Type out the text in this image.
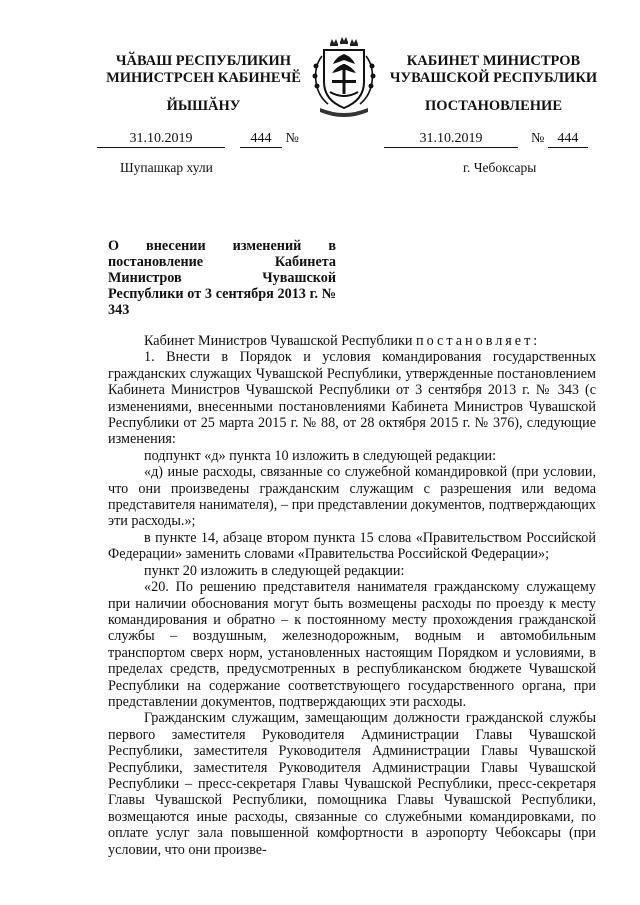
ЧӐВАШ РЕСПУБЛИКИН
МИНИСТРСЕН КАБИНЕЧӖ
ЙЫШӐНУ
КАБИНЕТ МИНИСТРОВ
ЧУВАШСКОЙ РЕСПУБЛИКИ
ПОСТАНОВЛЕНИЕ
31.10.2019	444 №	31.10.2019	№ 444
Шупашкар хули	г. Чебоксары
О внесении изменений в постановление Кабинета Министров Чувашской Республики от 3 сентября 2013 г. № 343

Кабинет Министров Чувашской Республики постановляет:

1. Внести в Порядок и условия командирования государственных гражданских служащих Чувашской Республики, утвержденные постановлением Кабинета Министров Чувашской Республики от 3 сентября 2013 г. № 343 (с изменениями, внесенными постановлениями Кабинета Министров Чувашской Республики от 25 марта 2015 г. № 88, от 28 октября 2015 г. № 376), следующие изменения:

подпункт «д» пункта 10 изложить в следующей редакции:

«д) иные расходы, связанные со служебной командировкой (при условии, что они произведены гражданским служащим с разрешения или ведома представителя нанимателя), – при представлении документов, подтверждающих эти расходы.»;

в пункте 14, абзаце втором пункта 15 слова «Правительством Российской Федерации» заменить словами «Правительства Российской Федерации»;

пункт 20 изложить в следующей редакции:

«20. По решению представителя нанимателя гражданскому служащему при наличии обоснования могут быть возмещены расходы по проезду к месту командирования и обратно – к постоянному месту прохождения гражданской службы – воздушным, железнодорожным, водным и автомобильным транспортом сверх норм, установленных настоящим Порядком и условиями, в пределах средств, предусмотренных в республиканском бюджете Чувашской Республики на содержание соответствующего государственного органа, при представлении документов, подтверждающих эти расходы.

Гражданским служащим, замещающим должности гражданской службы первого заместителя Руководителя Администрации Главы Чувашской Республики, заместителя Руководителя Администрации Главы Чувашской Республики, заместителя Руководителя Администрации Главы Чувашской Республики – пресс-секретаря Главы Чувашской Республики, пресс-секретаря Главы Чувашской Республики, помощника Главы Чувашской Республики, возмещаются иные расходы, связанные со служебными командировками, по оплате услуг зала повышенной комфортности в аэропорту Чебоксары (при условии, что они произве-
